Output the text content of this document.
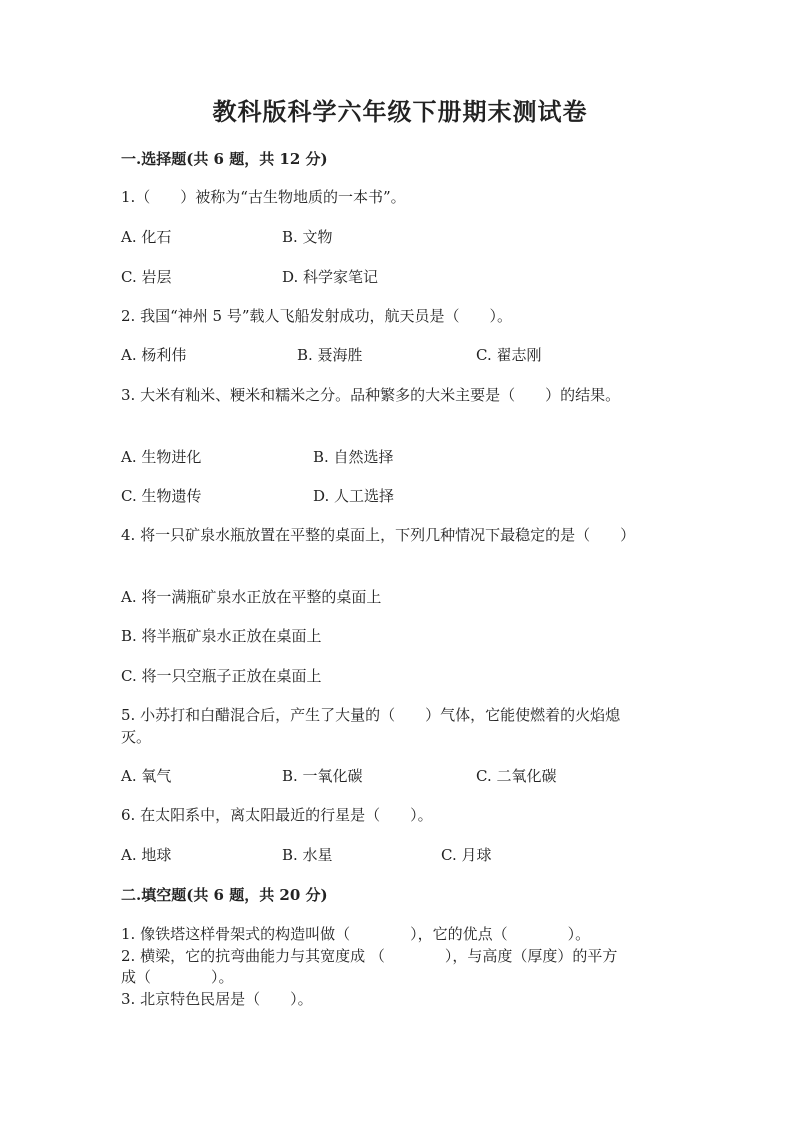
教科版科学六年级下册期末测试卷
一.选择题(共 6 题，共 12 分)
1.（　　）被称为“古生物地质的一本书”。
A. 化石	B. 文物
C. 岩层	D. 科学家笔记
2. 我国“神州 5 号”载人飞船发射成功，航天员是（　　）。
A. 杨利伟	B. 聂海胜	C. 翟志刚
3. 大米有籼米、粳米和糯米之分。品种繁多的大米主要是（　　）的结果。
A. 生物进化	B. 自然选择
C. 生物遗传	D. 人工选择
4. 将一只矿泉水瓶放置在平整的桌面上，下列几种情况下最稳定的是（　　）
A. 将一满瓶矿泉水正放在平整的桌面上
B. 将半瓶矿泉水正放在桌面上
C. 将一只空瓶子正放在桌面上
5. 小苏打和白醋混合后，产生了大量的（　　）气体，它能使燃着的火焰熄
灭。
A. 氧气	B. 一氧化碳	C. 二氧化碳
6. 在太阳系中，离太阳最近的行星是（　　）。
A. 地球	B. 水星	C. 月球
二.填空题(共 6 题，共 20 分)
1. 像铁塔这样骨架式的构造叫做（　　　　），它的优点（　　　　）。
2. 横梁，它的抗弯曲能力与其宽度成 （　　　　），与高度（厚度）的平方
成（　　　　）。
3. 北京特色民居是（　　）。
